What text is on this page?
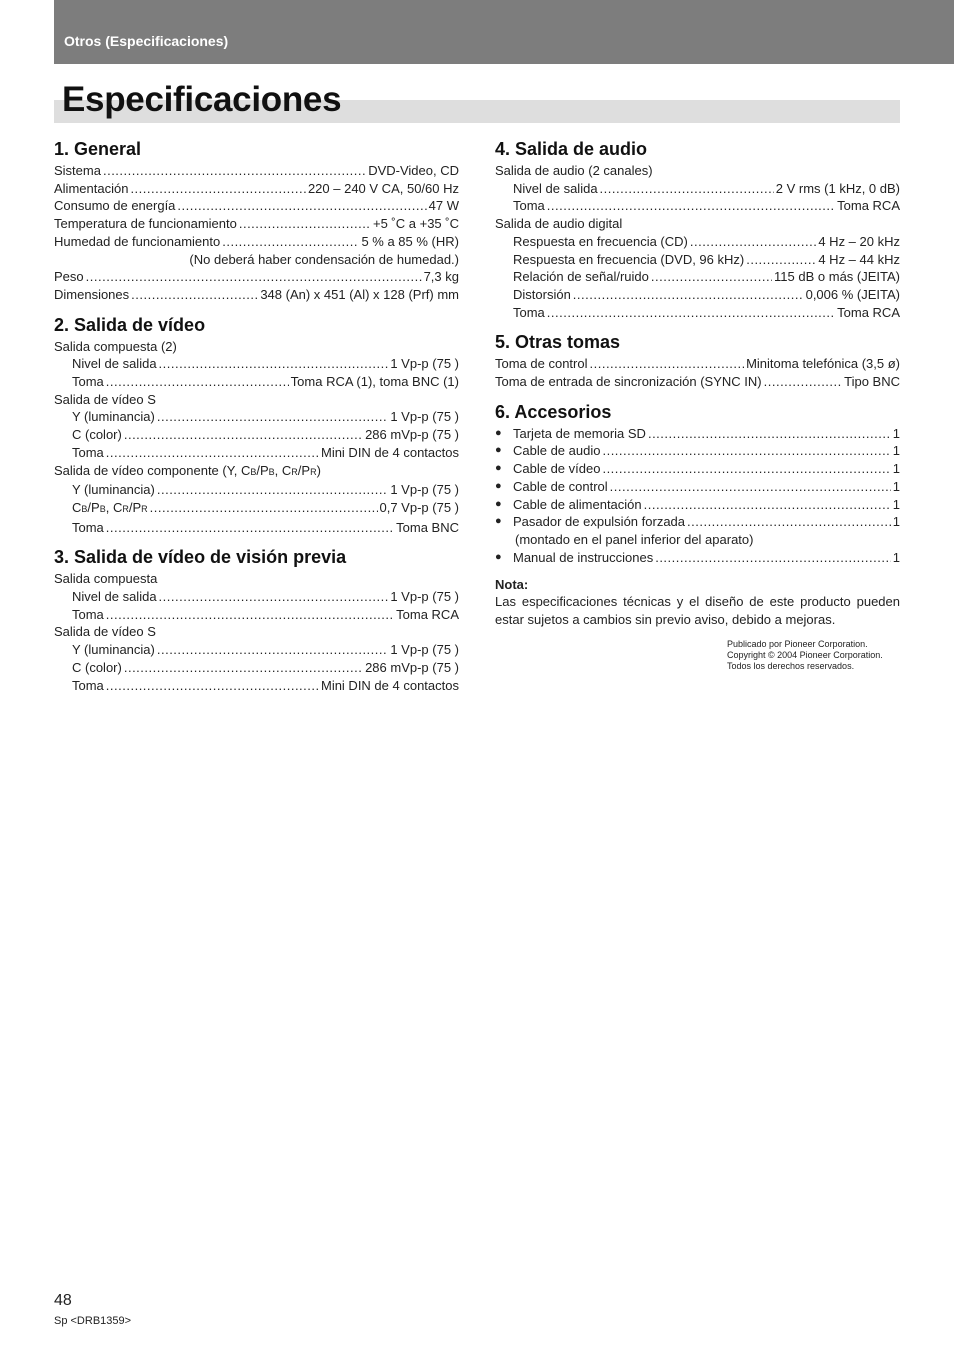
Otros (Especificaciones)
Especificaciones
1. General
Sistema .....	DVD-Video, CD
Alimentación .....	220 – 240 V CA, 50/60 Hz
Consumo de energía .....	47 W
Temperatura de funcionamiento .....	+5 ˚C a +35 ˚C
Humedad de funcionamiento .....	5 % a 85 % (HR)
(No deberá haber condensación de humedad.)
Peso .....	7,3 kg
Dimensiones .....	348 (An) x 451 (Al) x 128 (Prf) mm
2. Salida de vídeo
Salida compuesta (2)
Nivel de salida .....	1 Vp-p (75 )
Toma .....	Toma RCA (1), toma BNC (1)
Salida de vídeo S
Y (luminancia) .....	1 Vp-p (75 )
C (color) .....	286 mVp-p (75 )
Toma .....	Mini DIN de 4 contactos
Salida de vídeo componente (Y, CB/PB, CR/PR)
Y (luminancia) .....	1 Vp-p (75 )
CB/PB, CR/PR .....	0,7 Vp-p (75 )
Toma .....	Toma BNC
3. Salida de vídeo de visión previa
Salida compuesta
Nivel de salida .....	1 Vp-p (75 )
Toma .....	Toma RCA
Salida de vídeo S
Y (luminancia) .....	1 Vp-p (75 )
C (color) .....	286 mVp-p (75 )
Toma .....	Mini DIN de 4 contactos
4. Salida de audio
Salida de audio (2 canales)
Nivel de salida .....	2 V rms (1 kHz, 0 dB)
Toma .....	Toma RCA
Salida de audio digital
Respuesta en frecuencia (CD) .....	4 Hz – 20 kHz
Respuesta en frecuencia (DVD, 96 kHz) .....	4 Hz – 44 kHz
Relación de señal/ruido .....	115 dB o más (JEITA)
Distorsión .....	0,006 % (JEITA)
Toma .....	Toma RCA
5. Otras tomas
Toma de control .....	Minitoma telefónica (3,5 ø)
Toma de entrada de sincronización (SYNC IN) .....	Tipo BNC
6. Accesorios
Tarjeta de memoria SD .....	1
●
Cable de audio .....	1
●
Cable de vídeo .....	1
●
Cable de control .....	1
●
Cable de alimentación .....	1
●
Pasador de expulsión forzada .....	1
●
(montado en el panel inferior del aparato)
Manual de instrucciones .....	1
●
Nota:
Las especificaciones técnicas y el diseño de este producto pueden estar sujetos a cambios sin previo aviso, debido a mejoras.
Publicado por Pioneer Corporation.
Copyright © 2004 Pioneer Corporation.
Todos los derechos reservados.
48
Sp <DRB1359>
